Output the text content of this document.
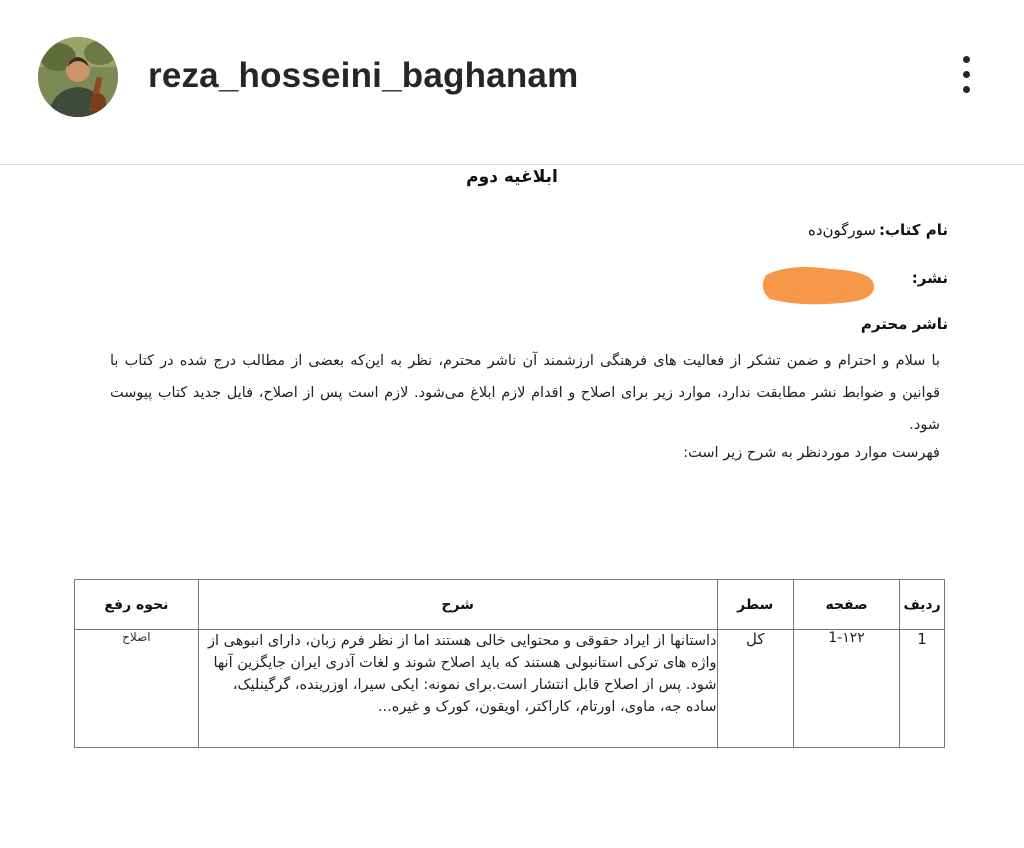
reza_hosseini_baghanam
ابلاغیه دوم
نام کتاب:
سورگون‌ده
نشر:
ناشر محترم
با سلام و احترام و ضمن تشکر از فعالیت های فرهنگی ارزشمند آن ناشر محترم، نظر به این‌که بعضی از مطالب درج شده در کتاب با قوانین و ضوابط نشر مطابقت ندارد، موارد زیر برای اصلاح و اقدام لازم ابلاغ می‌شود. لازم است پس از اصلاح، فایل جدید کتاب پیوست شود.
فهرست موارد موردنظر به شرح زیر است:
ردیف	صفحه	سطر	شرح	نحوه رفع
1	1-۱۲۲	کل	داستانها از ایراد حقوقی و محتوایی خالی هستند اما از نظر فرم زبان، دارای انبوهی از واژه های ترکی استانبولی هستند که باید اصلاح شوند و لغات آذری ایران جایگزین آنها شود. پس از اصلاح قابل انتشار است.برای نمونه: ایکی سیرا، اوزرینده، گرگینلیک، ساده جه، ماوی، اورتام، کاراکتر، اویقون، کورک و غیره...	اصلاح
